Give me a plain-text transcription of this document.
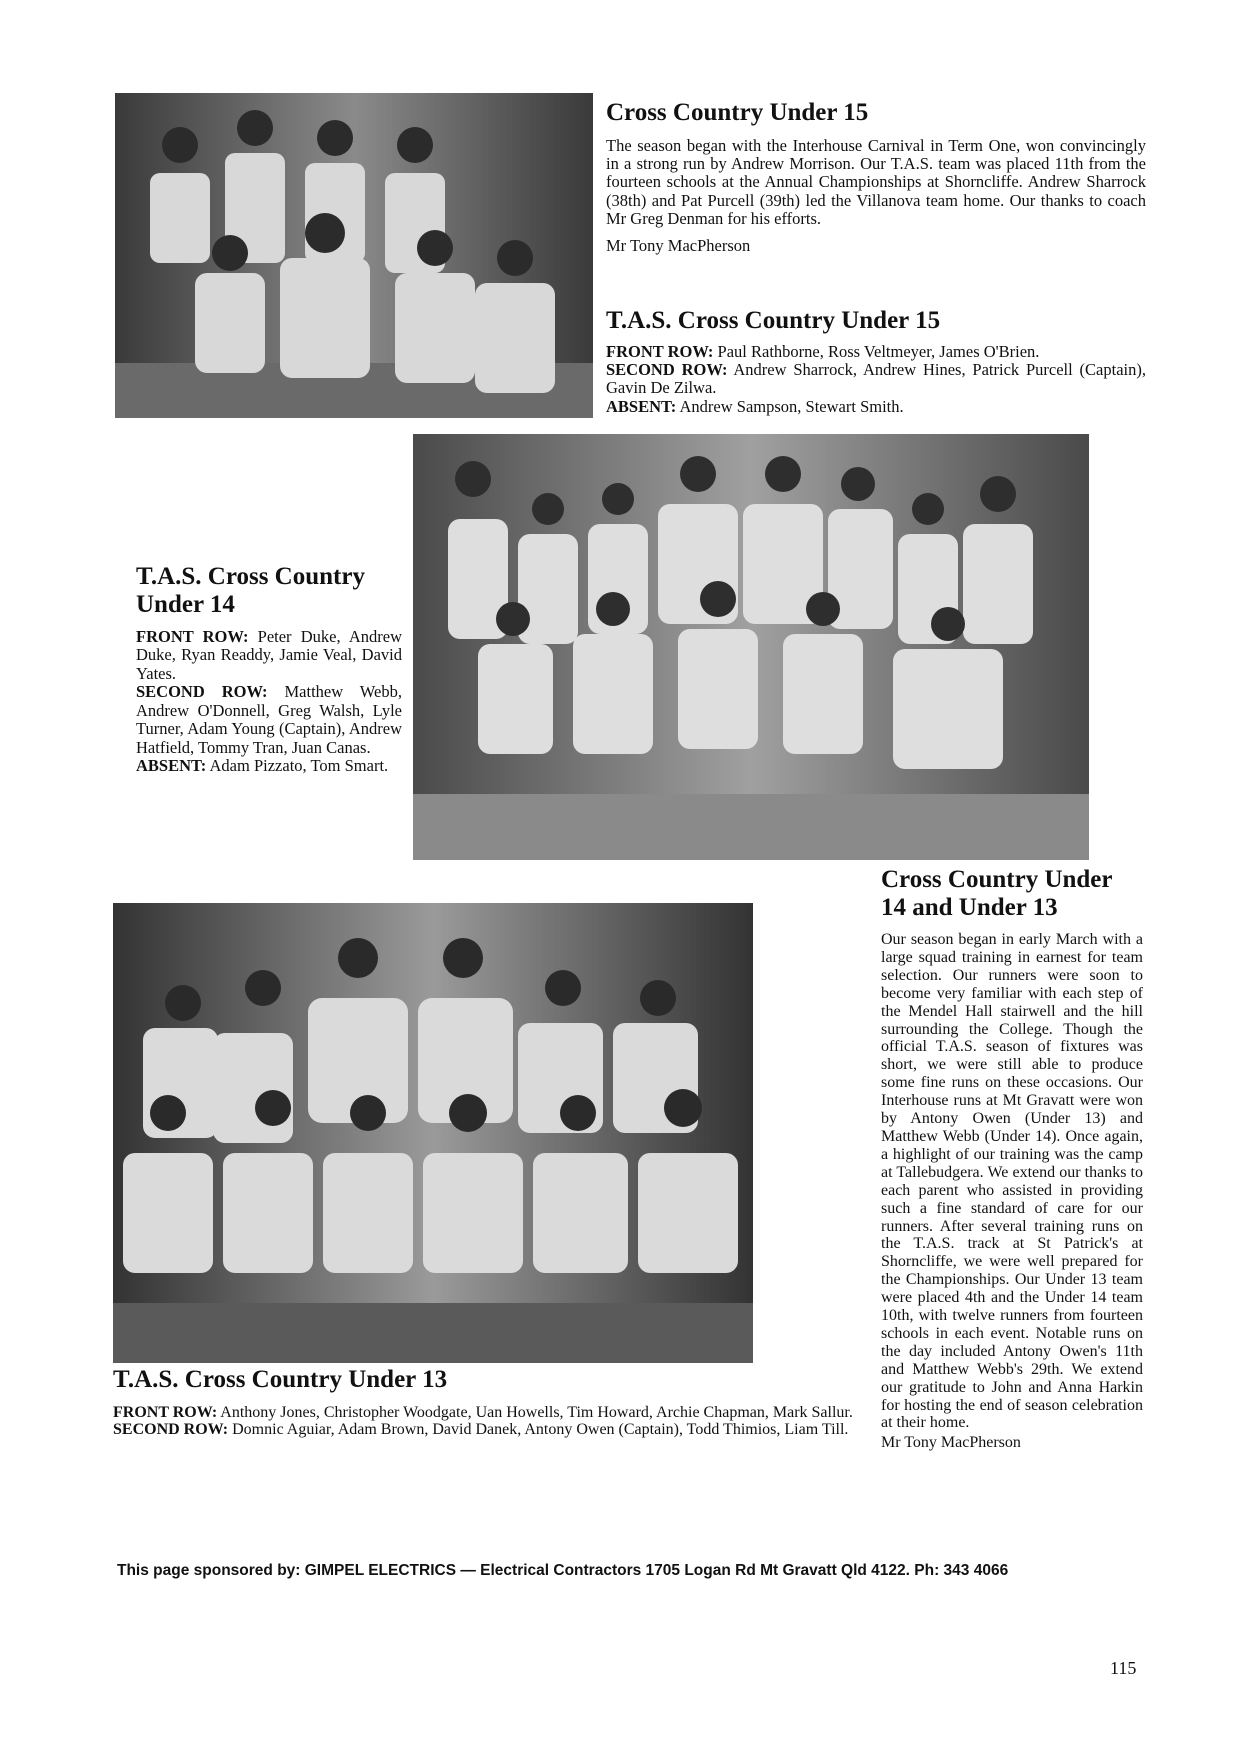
Cross Country Under 15

The season began with the Interhouse Carnival in Term One, won convincingly in a strong run by Andrew Morrison. Our T.A.S. team was placed 11th from the fourteen schools at the Annual Championships at Shorncliffe. Andrew Sharrock (38th) and Pat Purcell (39th) led the Villanova team home. Our thanks to coach Mr Greg Denman for his efforts.

Mr Tony MacPherson

T.A.S. Cross Country Under 15

FRONT ROW: Paul Rathborne, Ross Veltmeyer, James O'Brien.

SECOND ROW: Andrew Sharrock, Andrew Hines, Patrick Purcell (Captain), Gavin De Zilwa.

ABSENT: Andrew Sampson, Stewart Smith.

T.A.S. Cross Country Under 14

FRONT ROW: Peter Duke, Andrew Duke, Ryan Readdy, Jamie Veal, David Yates.

SECOND ROW: Matthew Webb, Andrew O'Donnell, Greg Walsh, Lyle Turner, Adam Young (Captain), Andrew Hatfield, Tommy Tran, Juan Canas.

ABSENT: Adam Pizzato, Tom Smart.

T.A.S. Cross Country Under 13

FRONT ROW: Anthony Jones, Christopher Woodgate, Uan Howells, Tim Howard, Archie Chapman, Mark Sallur.

SECOND ROW: Domnic Aguiar, Adam Brown, David Danek, Antony Owen (Captain), Todd Thimios, Liam Till.

Cross Country Under 14 and Under 13

Our season began in early March with a large squad training in earnest for team selection. Our runners were soon to become very familiar with each step of the Mendel Hall stairwell and the hill surrounding the College. Though the official T.A.S. season of fixtures was short, we were still able to produce some fine runs on these occasions. Our Interhouse runs at Mt Gravatt were won by Antony Owen (Under 13) and Matthew Webb (Under 14). Once again, a highlight of our training was the camp at Tallebudgera. We extend our thanks to each parent who assisted in providing such a fine standard of care for our runners. After several training runs on the T.A.S. track at St Patrick's at Shorncliffe, we were well prepared for the Championships. Our Under 13 team were placed 4th and the Under 14 team 10th, with twelve runners from fourteen schools in each event. Notable runs on the day included Antony Owen's 11th and Matthew Webb's 29th. We extend our gratitude to John and Anna Harkin for hosting the end of season celebration at their home.

Mr Tony MacPherson

This page sponsored by: GIMPEL ELECTRICS — Electrical Contractors 1705 Logan Rd Mt Gravatt Qld 4122. Ph: 343 4066
115
